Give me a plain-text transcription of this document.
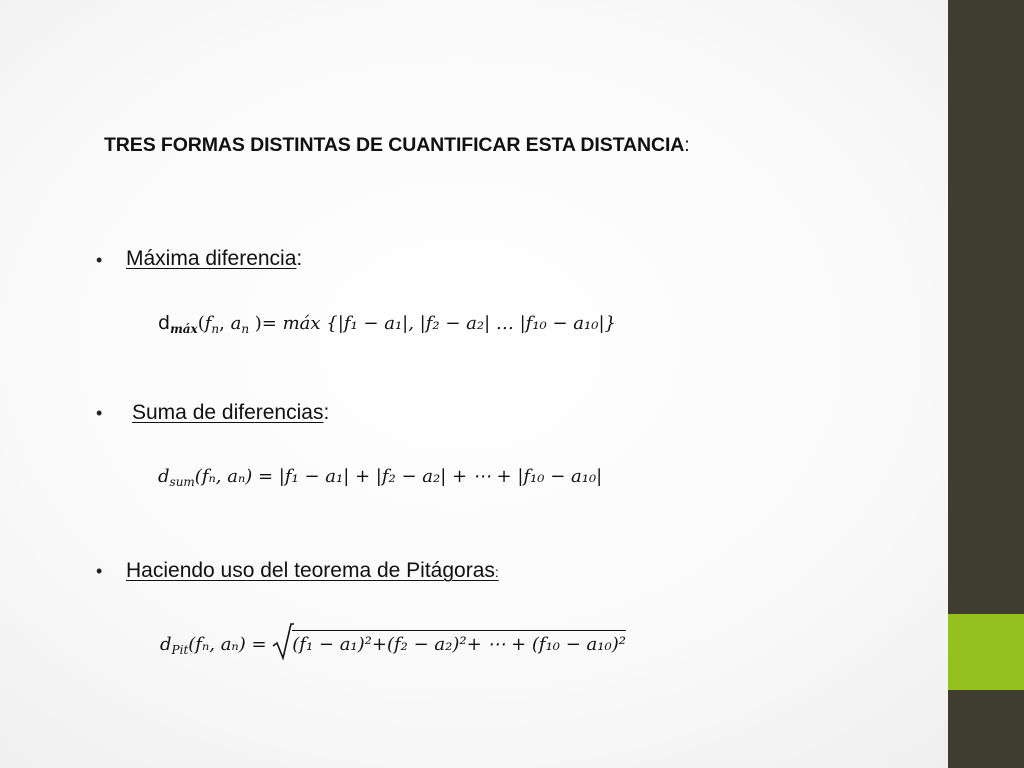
TRES FORMAS DISTINTAS DE CUANTIFICAR ESTA DISTANCIA:
• Máxima diferencia:
$d_{máx}(f_n$, $a_n$ )= máx {|f₁ − a₁|, |f₂ − a₂| … |f₁₀ − a₁₀|}
• Suma de diferencias:
$d_{sum}(f_n$, aₙ) = |f₁ − a₁| + |f₂ − a₂| + ⋯ + |f₁₀ − a₁₀|
• Haciendo uso del teorema de Pitágoras:
$d_{Pit}(f_n$, aₙ) =
(f₁ − a₁)²+(f₂ − a₂)²+ ⋯ + (f₁₀ − a₁₀)²
